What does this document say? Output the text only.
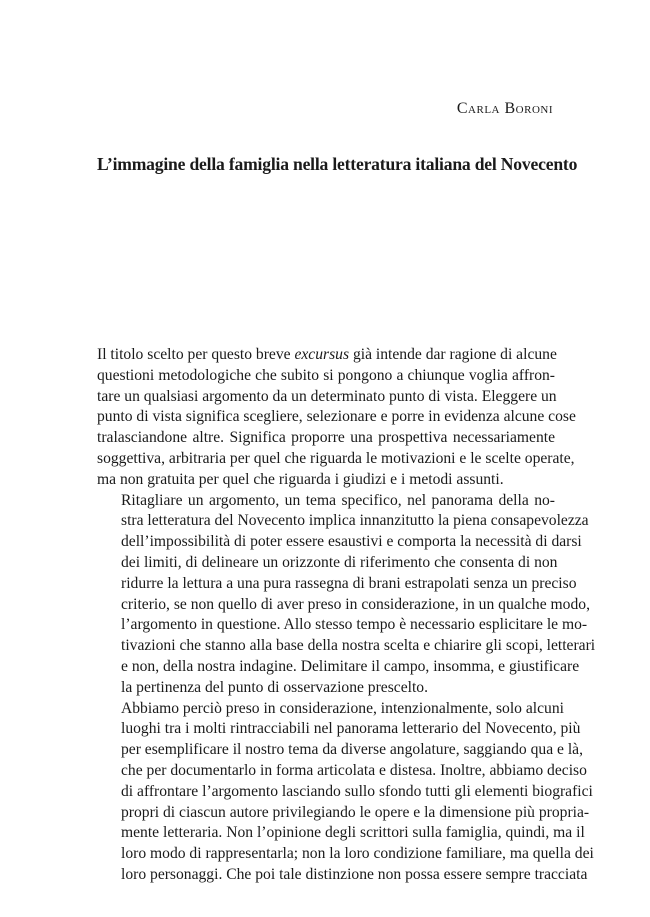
Carla Boroni
L’immagine della famiglia nella letteratura italiana del Novecento

Il titolo scelto per questo breve excursus già intende dar ragione di alcune
questioni metodologiche che subito si pongono a chiunque voglia affron-
tare un qualsiasi argomento da un determinato punto di vista. Eleggere un
punto di vista significa scegliere, selezionare e porre in evidenza alcune cose
tralasciandone altre. Significa proporre una prospettiva necessariamente
soggettiva, arbitraria per quel che riguarda le motivazioni e le scelte operate,
ma non gratuita per quel che riguarda i giudizi e i metodi assunti.

Ritagliare un argomento, un tema specifico, nel panorama della no-
stra letteratura del Novecento implica innanzitutto la piena consapevolezza
dell’impossibilità di poter essere esaustivi e comporta la necessità di darsi
dei limiti, di delineare un orizzonte di riferimento che consenta di non
ridurre la lettura a una pura rassegna di brani estrapolati senza un preciso
criterio, se non quello di aver preso in considerazione, in un qualche modo,
l’argomento in questione. Allo stesso tempo è necessario esplicitare le mo-
tivazioni che stanno alla base della nostra scelta e chiarire gli scopi, letterari
e non, della nostra indagine. Delimitare il campo, insomma, e giustificare
la pertinenza del punto di osservazione prescelto.

Abbiamo perciò preso in considerazione, intenzionalmente, solo alcuni
luoghi tra i molti rintracciabili nel panorama letterario del Novecento, più
per esemplificare il nostro tema da diverse angolature, saggiando qua e là,
che per documentarlo in forma articolata e distesa. Inoltre, abbiamo deciso
di affrontare l’argomento lasciando sullo sfondo tutti gli elementi biografici
propri di ciascun autore privilegiando le opere e la dimensione più propria-
mente letteraria. Non l’opinione degli scrittori sulla famiglia, quindi, ma il
loro modo di rappresentarla; non la loro condizione familiare, ma quella dei
loro personaggi. Che poi tale distinzione non possa essere sempre tracciata
